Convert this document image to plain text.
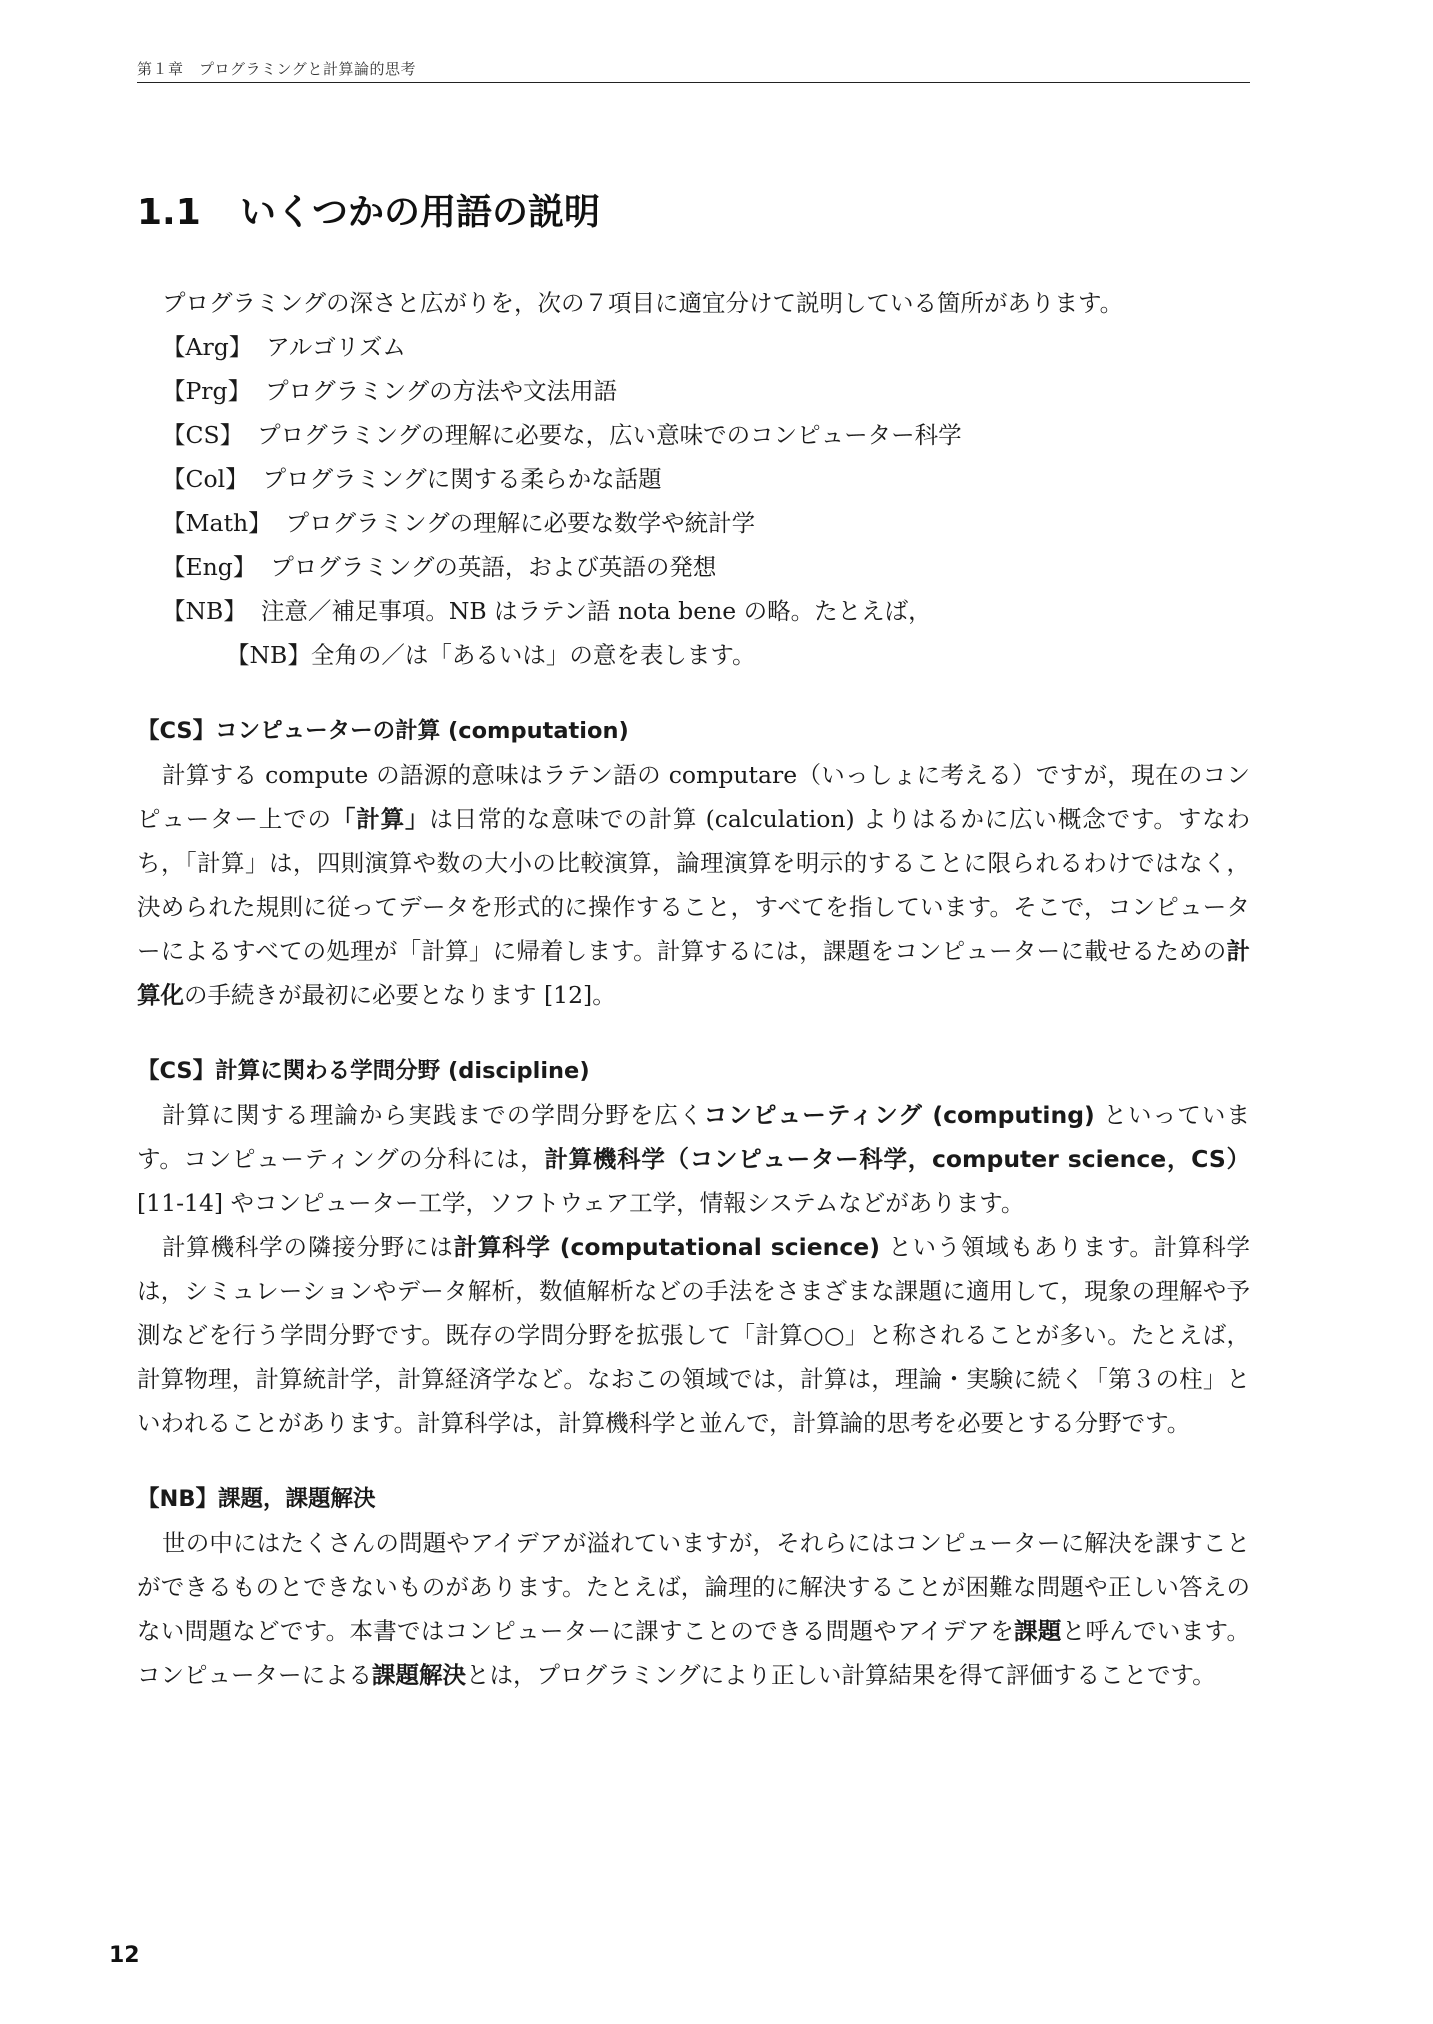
第１章　プログラミングと計算論的思考
1.1 いくつかの用語の説明

プログラミングの深さと広がりを，次の７項目に適宜分けて説明している箇所があります。

【Arg】 アルゴリズム
【Prg】 プログラミングの方法や文法用語
【CS】 プログラミングの理解に必要な，広い意味でのコンピューター科学
【Col】 プログラミングに関する柔らかな話題
【Math】 プログラミングの理解に必要な数学や統計学
【Eng】 プログラミングの英語，および英語の発想
【NB】 注意／補足事項。NB はラテン語 nota bene の略。たとえば，
【NB】全角の／は「あるいは」の意を表します。

【CS】コンピューターの計算 (computation)

計算する compute の語源的意味はラテン語の computare（いっしょに考える）ですが，現在のコンピューター上での「計算」は日常的な意味での計算 (calculation) よりはるかに広い概念です。すなわち，「計算」は，四則演算や数の大小の比較演算，論理演算を明示的することに限られるわけではなく，決められた規則に従ってデータを形式的に操作すること，すべてを指しています。そこで，コンピューターによるすべての処理が「計算」に帰着します。計算するには，課題をコンピューターに載せるための計算化の手続きが最初に必要となります [12]。

【CS】計算に関わる学問分野 (discipline)

計算に関する理論から実践までの学問分野を広くコンピューティング (computing) といっています。コンピューティングの分科には，計算機科学（コンピューター科学，computer science，CS）[11-14] やコンピューター工学，ソフトウェア工学，情報システムなどがあります。

計算機科学の隣接分野には計算科学 (computational science) という領域もあります。計算科学は，シミュレーションやデータ解析，数値解析などの手法をさまざまな課題に適用して，現象の理解や予測などを行う学問分野です。既存の学問分野を拡張して「計算○○」と称されることが多い。たとえば，計算物理，計算統計学，計算経済学など。なおこの領域では，計算は，理論・実験に続く「第３の柱」といわれることがあります。計算科学は，計算機科学と並んで，計算論的思考を必要とする分野です。

【NB】課題，課題解決

世の中にはたくさんの問題やアイデアが溢れていますが，それらにはコンピューターに解決を課すことができるものとできないものがあります。たとえば，論理的に解決することが困難な問題や正しい答えのない問題などです。本書ではコンピューターに課すことのできる問題やアイデアを課題と呼んでいます。コンピューターによる課題解決とは，プログラミングにより正しい計算結果を得て評価することです。

12
